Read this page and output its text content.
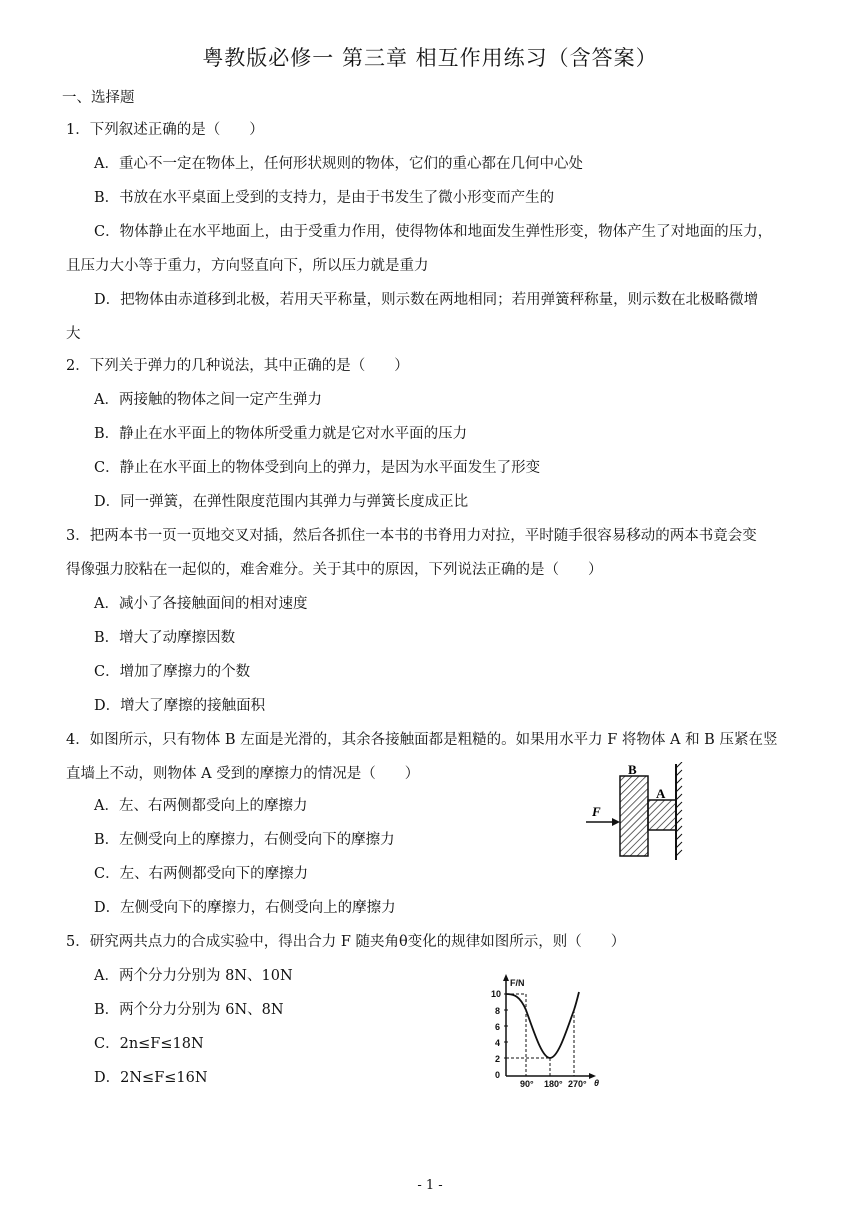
粤教版必修一 第三章 相互作用练习（含答案）
一、选择题
1．下列叙述正确的是（　　）
A．重心不一定在物体上，任何形状规则的物体，它们的重心都在几何中心处
B．书放在水平桌面上受到的支持力，是由于书发生了微小形变而产生的
C．物体静止在水平地面上，由于受重力作用，使得物体和地面发生弹性形变，物体产生了对地面的压力，
且压力大小等于重力，方向竖直向下，所以压力就是重力
D．把物体由赤道移到北极，若用天平称量，则示数在两地相同；若用弹簧秤称量，则示数在北极略微增
大
2．下列关于弹力的几种说法，其中正确的是（　　）
A．两接触的物体之间一定产生弹力
B．静止在水平面上的物体所受重力就是它对水平面的压力
C．静止在水平面上的物体受到向上的弹力，是因为水平面发生了形变
D．同一弹簧，在弹性限度范围内其弹力与弹簧长度成正比
3．把两本书一页一页地交叉对插，然后各抓住一本书的书脊用力对拉，平时随手很容易移动的两本书竟会变
得像强力胶粘在一起似的，难舍难分。关于其中的原因，下列说法正确的是（　　）
A．减小了各接触面间的相对速度
B．增大了动摩擦因数
C．增加了摩擦力的个数
D．增大了摩擦的接触面积
4．如图所示，只有物体 B 左面是光滑的，其余各接触面都是粗糙的。如果用水平力 F 将物体 A 和 B 压紧在竖
直墙上不动，则物体 A 受到的摩擦力的情况是（　　）
A．左、右两侧都受向上的摩擦力
B．左侧受向上的摩擦力，右侧受向下的摩擦力
C．左、右两侧都受向下的摩擦力
D．左侧受向下的摩擦力，右侧受向上的摩擦力
B
A
F
5．研究两共点力的合成实验中，得出合力 F 随夹角θ变化的规律如图所示，则（　　）
A．两个分力分别为 8N、10N
B．两个分力分别为 6N、8N
C．2n≤F≤18N
D．2N≤F≤16N
F/N
θ
10
8
6
4
2
0
90° 180° 270°
- 1 -
